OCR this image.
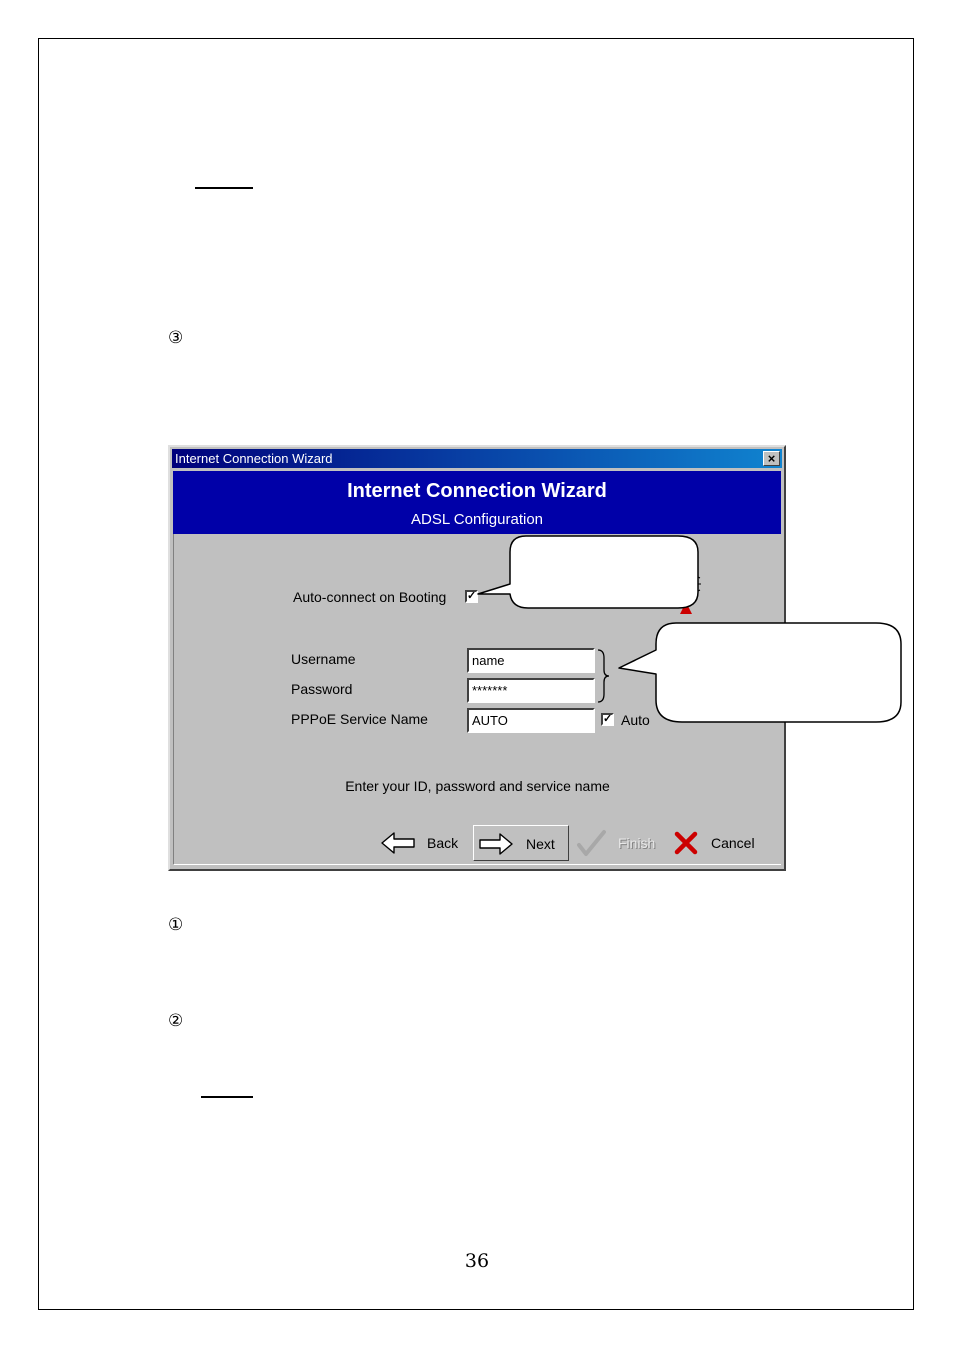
③
Internet Connection Wizard	×
Internet Connection Wizard
ADSL Configuration
Auto-connect on Booting ✓
Username	name
Password	*******
PPPoE Service Name	AUTO	✓ Auto
Enter your ID, password and service name
Back	Next	Finish	Cancel
①
②
36
